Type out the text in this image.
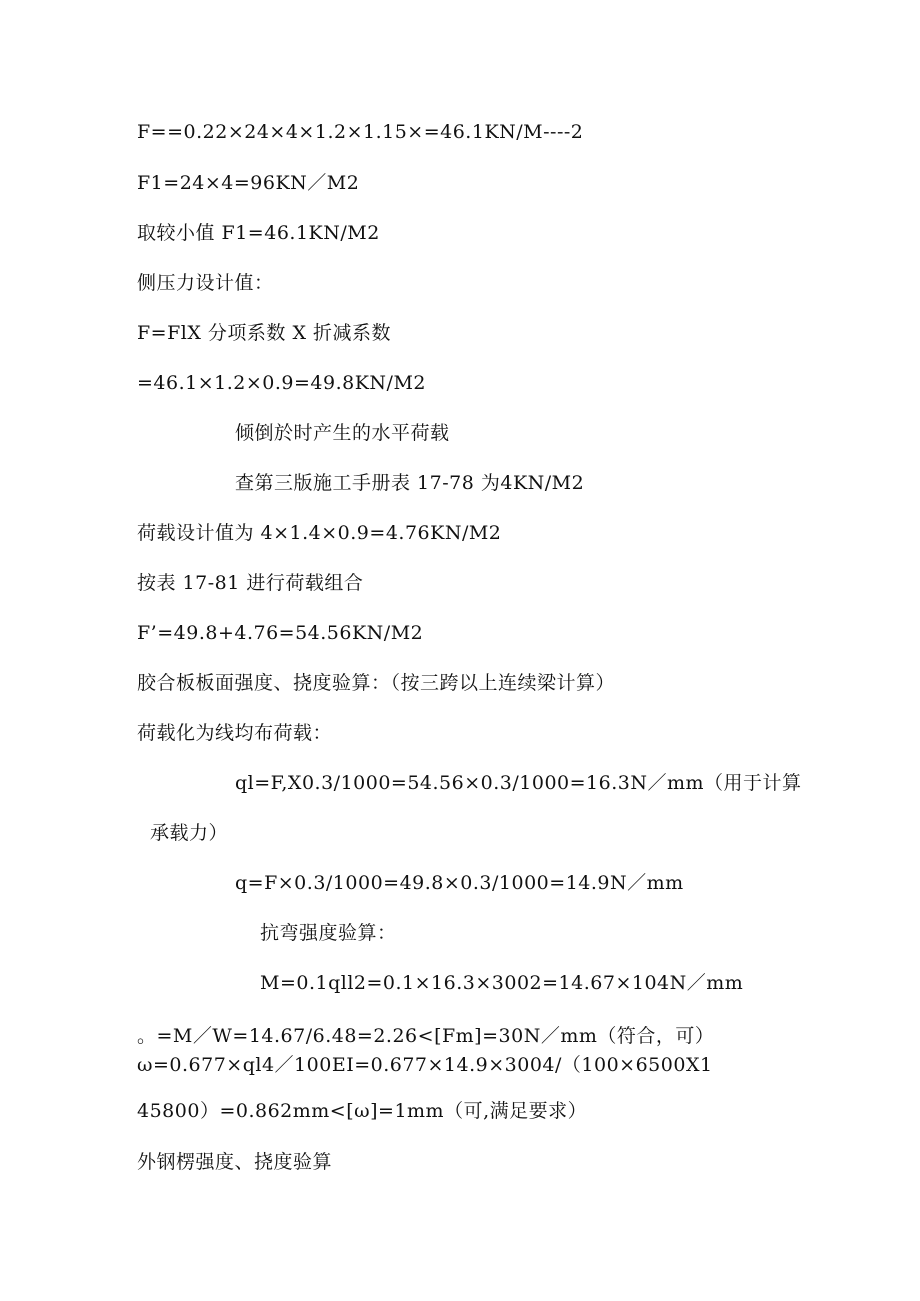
F==0.22×24×4×1.2×1.15×=46.1KN/M----2
F1=24×4=96KN／M2
取较小值 F1=46.1KN/M2
侧压力设计值：
F=FlX 分项系数 X 折减系数
=46.1×1.2×0.9=49.8KN/M2
倾倒於时产生的水平荷载
查第三版施工手册表 17-78 为4KN/M2
荷载设计值为 4×1.4×0.9=4.76KN/M2
按表 17-81 进行荷载组合
F’=49.8+4.76=54.56KN/M2
胶合板板面强度、挠度验算：（按三跨以上连续梁计算）
荷载化为线均布荷载：
ql=F,X0.3/1000=54.56×0.3/1000=16.3N／mm（用于计算
承载力）
q=F×0.3/1000=49.8×0.3/1000=14.9N／mm
抗弯强度验算：
M=0.1qll2=0.1×16.3×3002=14.67×104N／mm
。=M／W=14.67/6.48=2.26<[Fm]=30N／mm（符合，可）
ω=0.677×ql4／100EI=0.677×14.9×3004/（100×6500X1
45800）=0.862mm<[ω]=1mm（可,满足要求）
外钢楞强度、挠度验算
